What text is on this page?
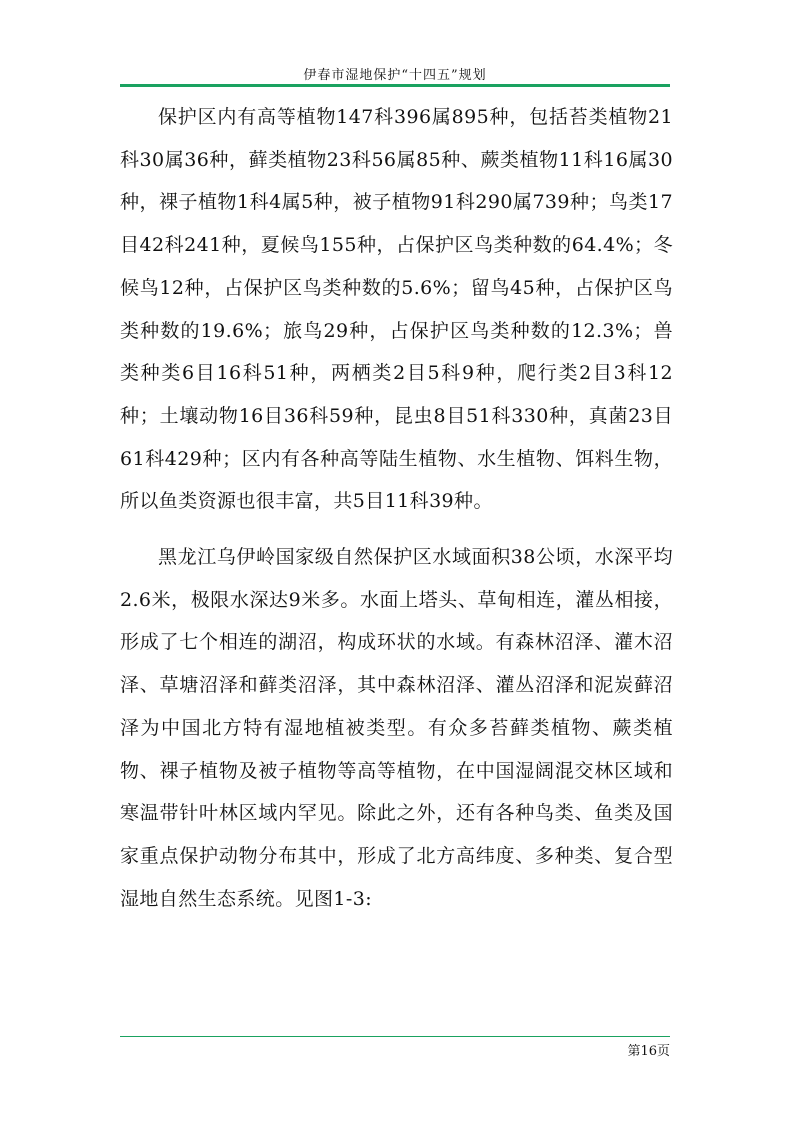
伊春市湿地保护“十四五”规划

保护区内有高等植物147科396属895种，包括苔类植物21科30属36种，藓类植物23科56属85种、蕨类植物11科16属30种，裸子植物1科4属5种，被子植物91科290属739种；鸟类17目42科241种，夏候鸟155种，占保护区鸟类种数的64.4%；冬候鸟12种，占保护区鸟类种数的5.6%；留鸟45种，占保护区鸟类种数的19.6%；旅鸟29种，占保护区鸟类种数的12.3%；兽类种类6目16科51种，两栖类2目5科9种，爬行类2目3科12种；土壤动物16目36科59种，昆虫8目51科330种，真菌23目61科429种；区内有各种高等陆生植物、水生植物、饵料生物，所以鱼类资源也很丰富，共5目11科39种。

黑龙江乌伊岭国家级自然保护区水域面积38公顷，水深平均2.6米，极限水深达9米多。水面上塔头、草甸相连，灌丛相接，形成了七个相连的湖沼，构成环状的水域。有森林沼泽、灌木沼泽、草塘沼泽和藓类沼泽，其中森林沼泽、灌丛沼泽和泥炭藓沼泽为中国北方特有湿地植被类型。有众多苔藓类植物、蕨类植物、裸子植物及被子植物等高等植物，在中国湿阔混交林区域和寒温带针叶林区域内罕见。除此之外，还有各种鸟类、鱼类及国家重点保护动物分布其中，形成了北方高纬度、多种类、复合型湿地自然生态系统。见图1-3:

第16页
